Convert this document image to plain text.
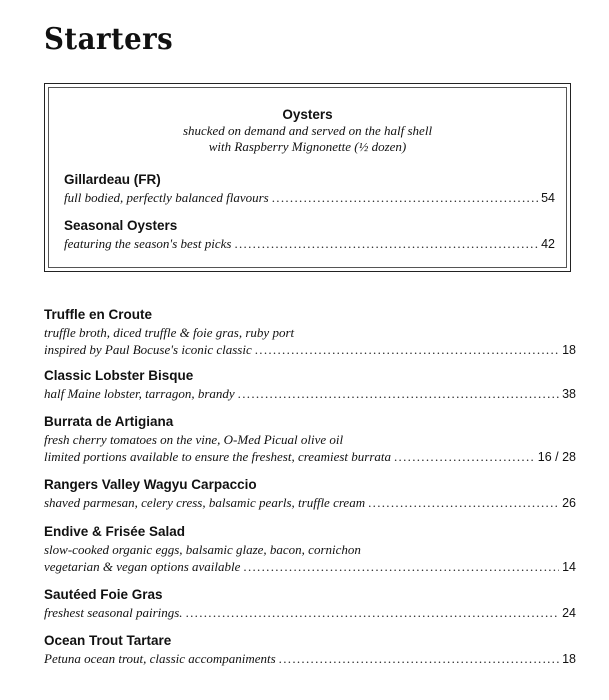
Starters
Oysters
shucked on demand and served on the half shell
with Raspberry Mignonette (½ dozen)
Gillardeau (FR)
full bodied, perfectly balanced flavours .....	54
Seasonal Oysters
featuring the season's best picks .....	42
Truffle en Croute
truffle broth, diced truffle & foie gras, ruby port
inspired by Paul Bocuse's iconic classic .....	18
Classic Lobster Bisque
half Maine lobster, tarragon, brandy .....	38
Burrata de Artigiana
fresh cherry tomatoes on the vine, O-Med Picual olive oil
limited portions available to ensure the freshest, creamiest burrata .....	16 / 28
Rangers Valley Wagyu Carpaccio
shaved parmesan, celery cress, balsamic pearls, truffle cream .....	26
Endive & Frisée Salad
slow-cooked organic eggs, balsamic glaze, bacon, cornichon
vegetarian & vegan options available .....	14
Sautéed Foie Gras
freshest seasonal pairings. .....	24
Ocean Trout Tartare
Petuna ocean trout, classic accompaniments .....	18
